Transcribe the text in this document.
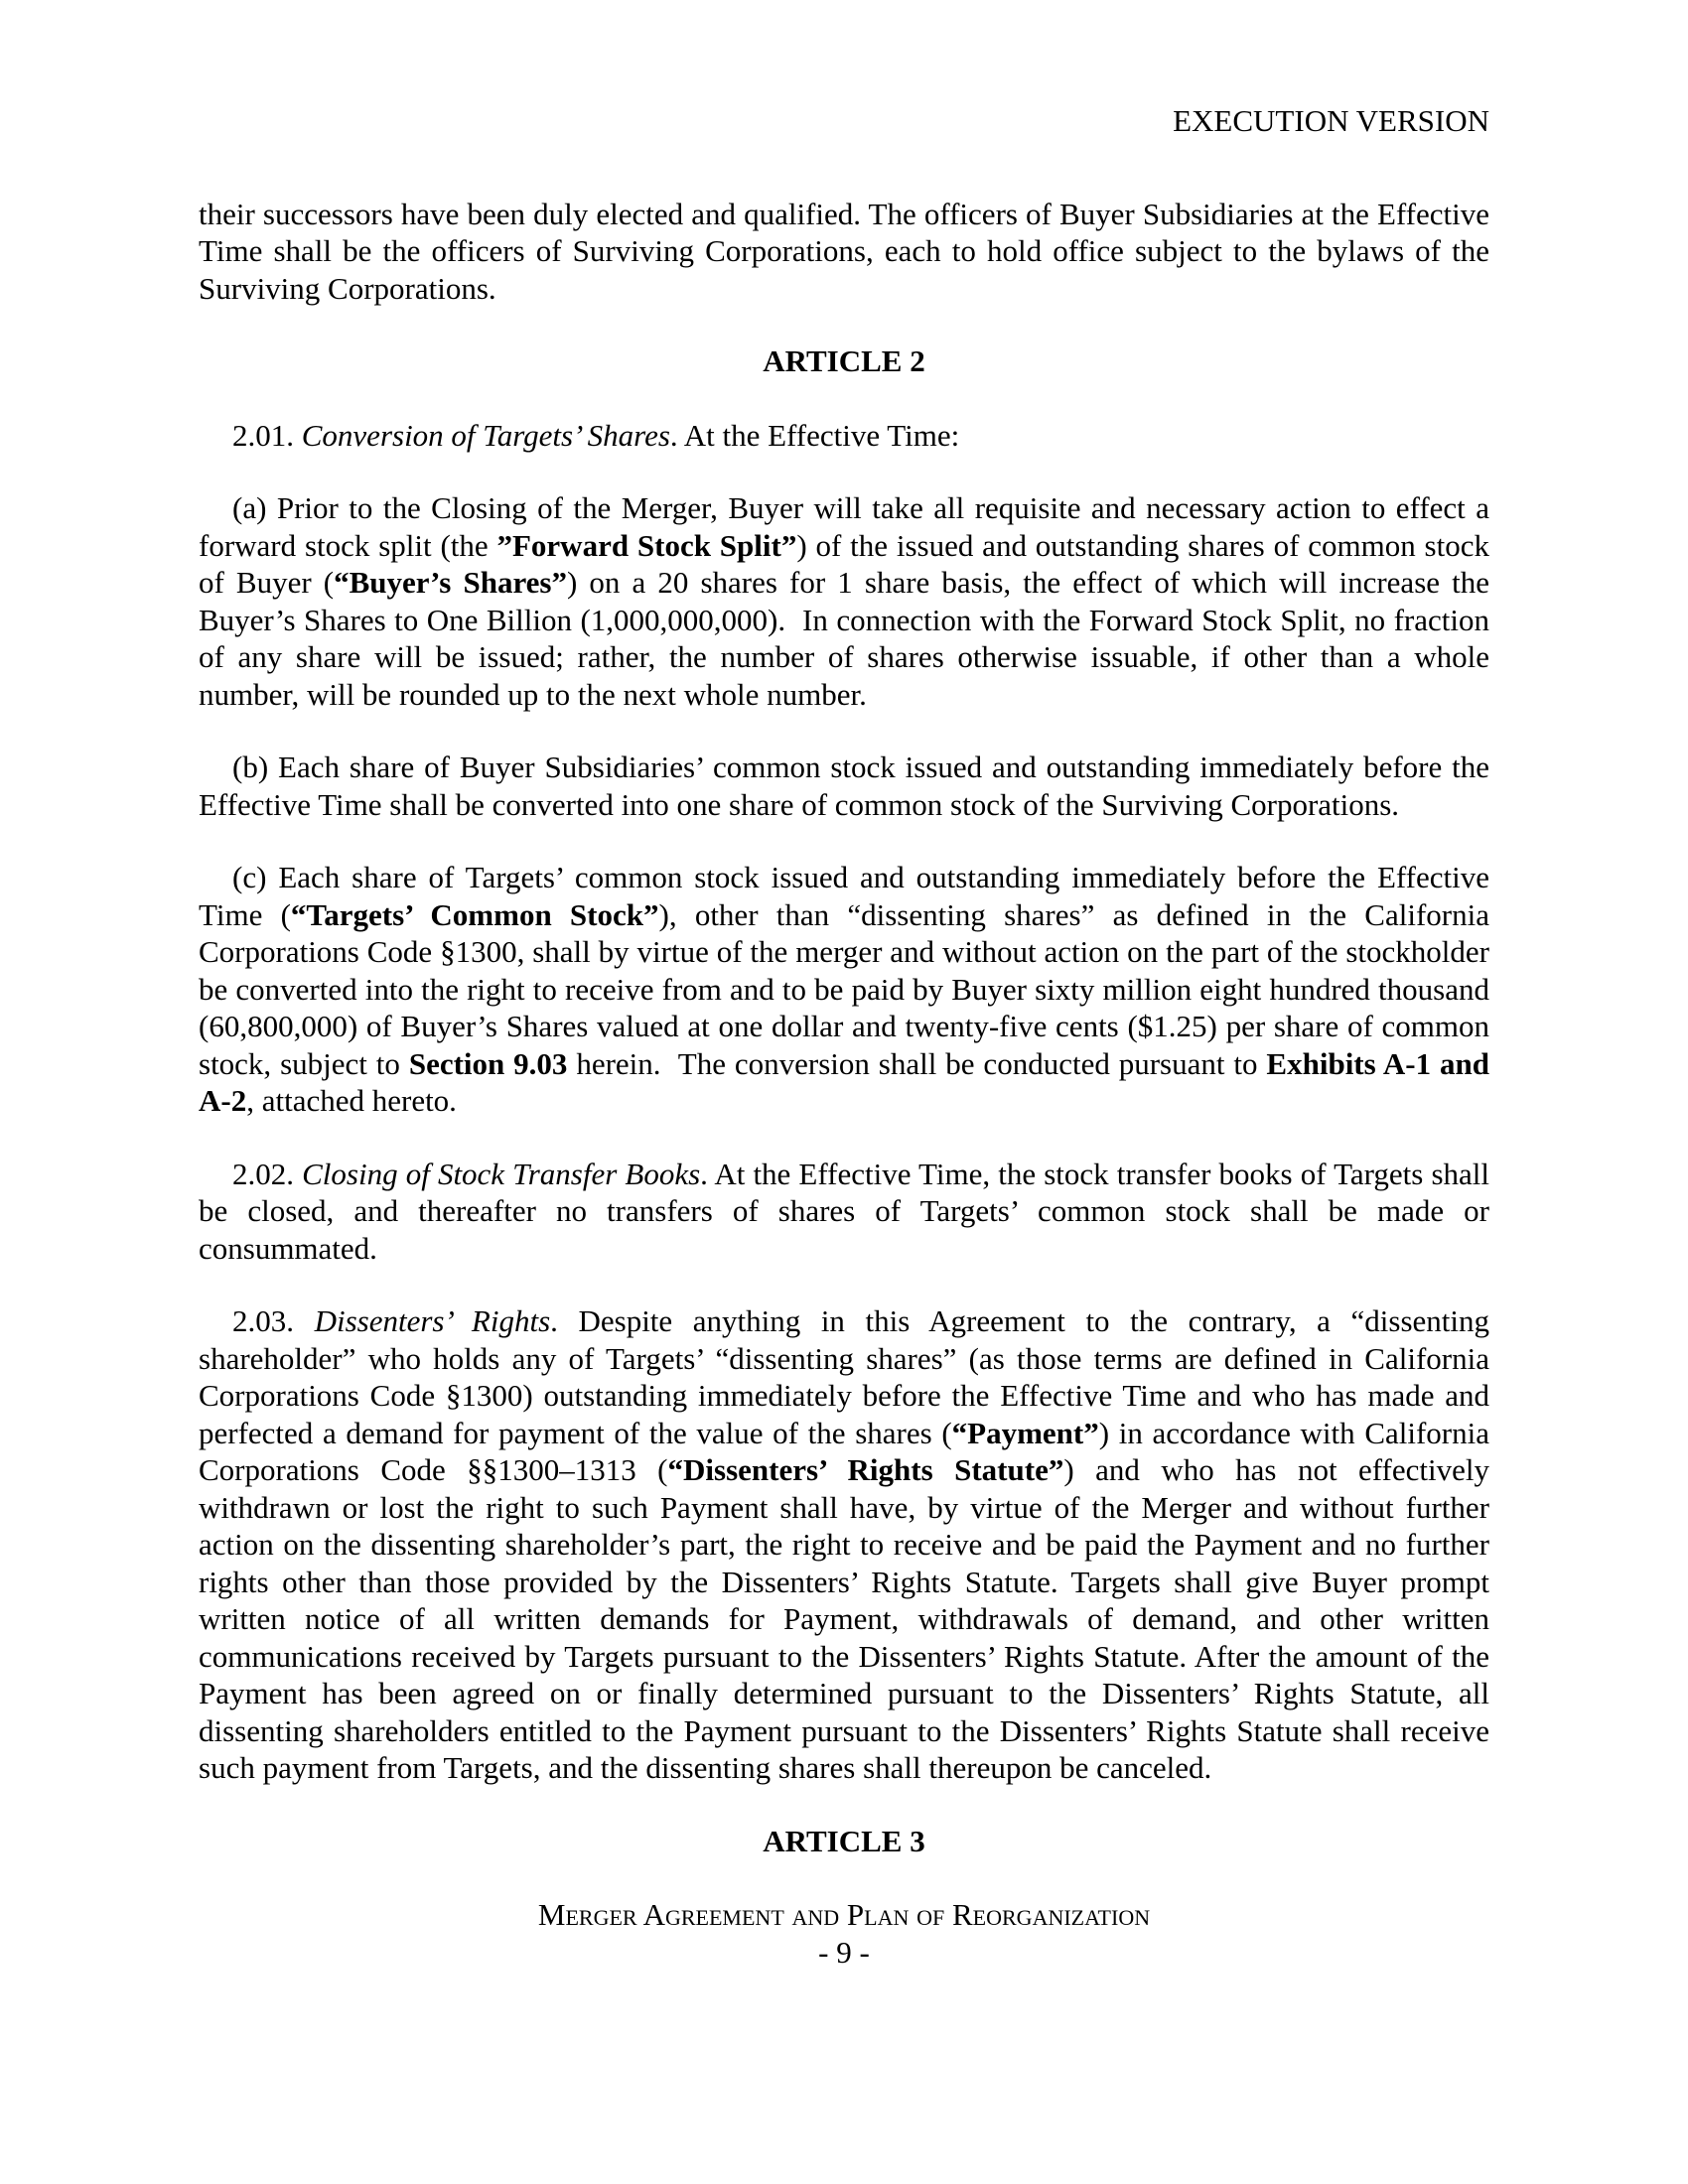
EXECUTION VERSION

their successors have been duly elected and qualified. The officers of Buyer Subsidiaries at the Effective Time shall be the officers of Surviving Corporations, each to hold office subject to the bylaws of the Surviving Corporations.

ARTICLE 2

2.01. Conversion of Targets’ Shares. At the Effective Time:

(a) Prior to the Closing of the Merger, Buyer will take all requisite and necessary action to effect a forward stock split (the ”Forward Stock Split”) of the issued and outstanding shares of common stock of Buyer (“Buyer’s Shares”) on a 20 shares for 1 share basis, the effect of which will increase the Buyer’s Shares to One Billion (1,000,000,000).  In connection with the Forward Stock Split, no fraction of any share will be issued; rather, the number of shares otherwise issuable, if other than a whole number, will be rounded up to the next whole number.

(b) Each share of Buyer Subsidiaries’ common stock issued and outstanding immediately before the Effective Time shall be converted into one share of common stock of the Surviving Corporations.

(c) Each share of Targets’ common stock issued and outstanding immediately before the Effective Time (“Targets’ Common Stock”), other than “dissenting shares” as defined in the California Corporations Code §1300, shall by virtue of the merger and without action on the part of the stockholder be converted into the right to receive from and to be paid by Buyer sixty million eight hundred thousand (60,800,000) of Buyer’s Shares valued at one dollar and twenty-five cents ($1.25) per share of common stock, subject to Section 9.03 herein.  The conversion shall be conducted pursuant to Exhibits A-1 and A-2, attached hereto.

2.02. Closing of Stock Transfer Books. At the Effective Time, the stock transfer books of Targets shall be closed, and thereafter no transfers of shares of Targets’ common stock shall be made or consummated.

2.03. Dissenters’ Rights. Despite anything in this Agreement to the contrary, a “dissenting shareholder” who holds any of Targets’ “dissenting shares” (as those terms are defined in California Corporations Code §1300) outstanding immediately before the Effective Time and who has made and perfected a demand for payment of the value of the shares (“Payment”) in accordance with California Corporations Code §§1300–1313 (“Dissenters’ Rights Statute”) and who has not effectively withdrawn or lost the right to such Payment shall have, by virtue of the Merger and without further action on the dissenting shareholder’s part, the right to receive and be paid the Payment and no further rights other than those provided by the Dissenters’ Rights Statute. Targets shall give Buyer prompt written notice of all written demands for Payment, withdrawals of demand, and other written communications received by Targets pursuant to the Dissenters’ Rights Statute. After the amount of the Payment has been agreed on or finally determined pursuant to the Dissenters’ Rights Statute, all dissenting shareholders entitled to the Payment pursuant to the Dissenters’ Rights Statute shall receive such payment from Targets, and the dissenting shares shall thereupon be canceled.

ARTICLE 3
Merger Agreement and Plan of Reorganization
- 9 -
